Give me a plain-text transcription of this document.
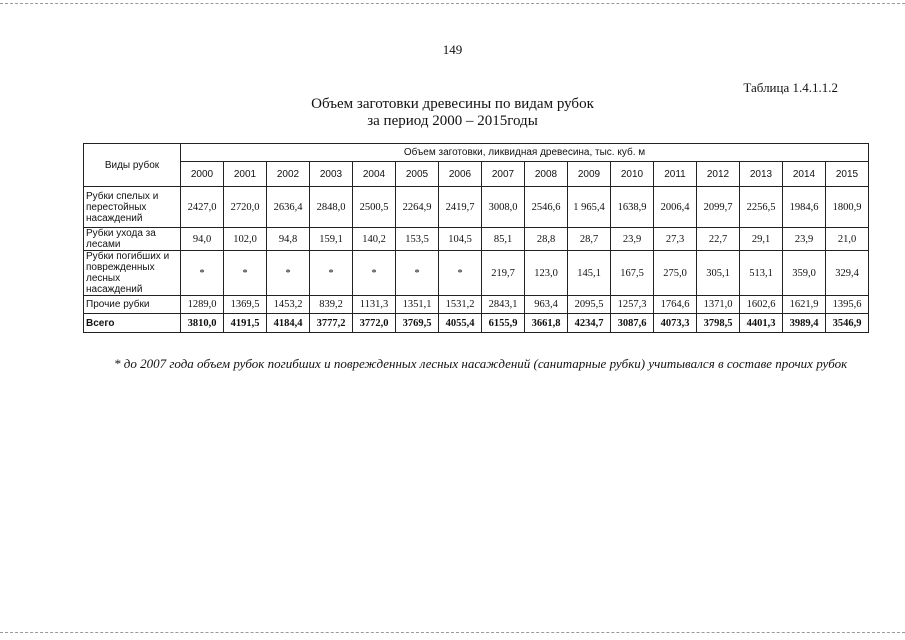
149
Таблица 1.4.1.1.2
Объем заготовки древесины по видам рубок
за период 2000 – 2015годы
Виды рубок	Объем заготовки, ликвидная древесина, тыс. куб. м															
	2000	2001	2002	2003	2004	2005	2006	2007	2008	2009	2010	2011	2012	2013	2014	2015
Рубки спелых и перестойных насаждений	2427,0	2720,0	2636,4	2848,0	2500,5	2264,9	2419,7	3008,0	2546,6	1 965,4	1638,9	2006,4	2099,7	2256,5	1984,6	1800,9
Рубки ухода за лесами	94,0	102,0	94,8	159,1	140,2	153,5	104,5	85,1	28,8	28,7	23,9	27,3	22,7	29,1	23,9	21,0
Рубки погибших и поврежденных лесных насаждений	*	*	*	*	*	*	*	219,7	123,0	145,1	167,5	275,0	305,1	513,1	359,0	329,4
Прочие рубки	1289,0	1369,5	1453,2	839,2	1131,3	1351,1	1531,2	2843,1	963,4	2095,5	1257,3	1764,6	1371,0	1602,6	1621,9	1395,6
Всего	3810,0	4191,5	4184,4	3777,2	3772,0	3769,5	4055,4	6155,9	3661,8	4234,7	3087,6	4073,3	3798,5	4401,3	3989,4	3546,9
* до 2007 года объем рубок погибших и поврежденных лесных насаждений (санитарные рубки) учитывался в составе прочих рубок
